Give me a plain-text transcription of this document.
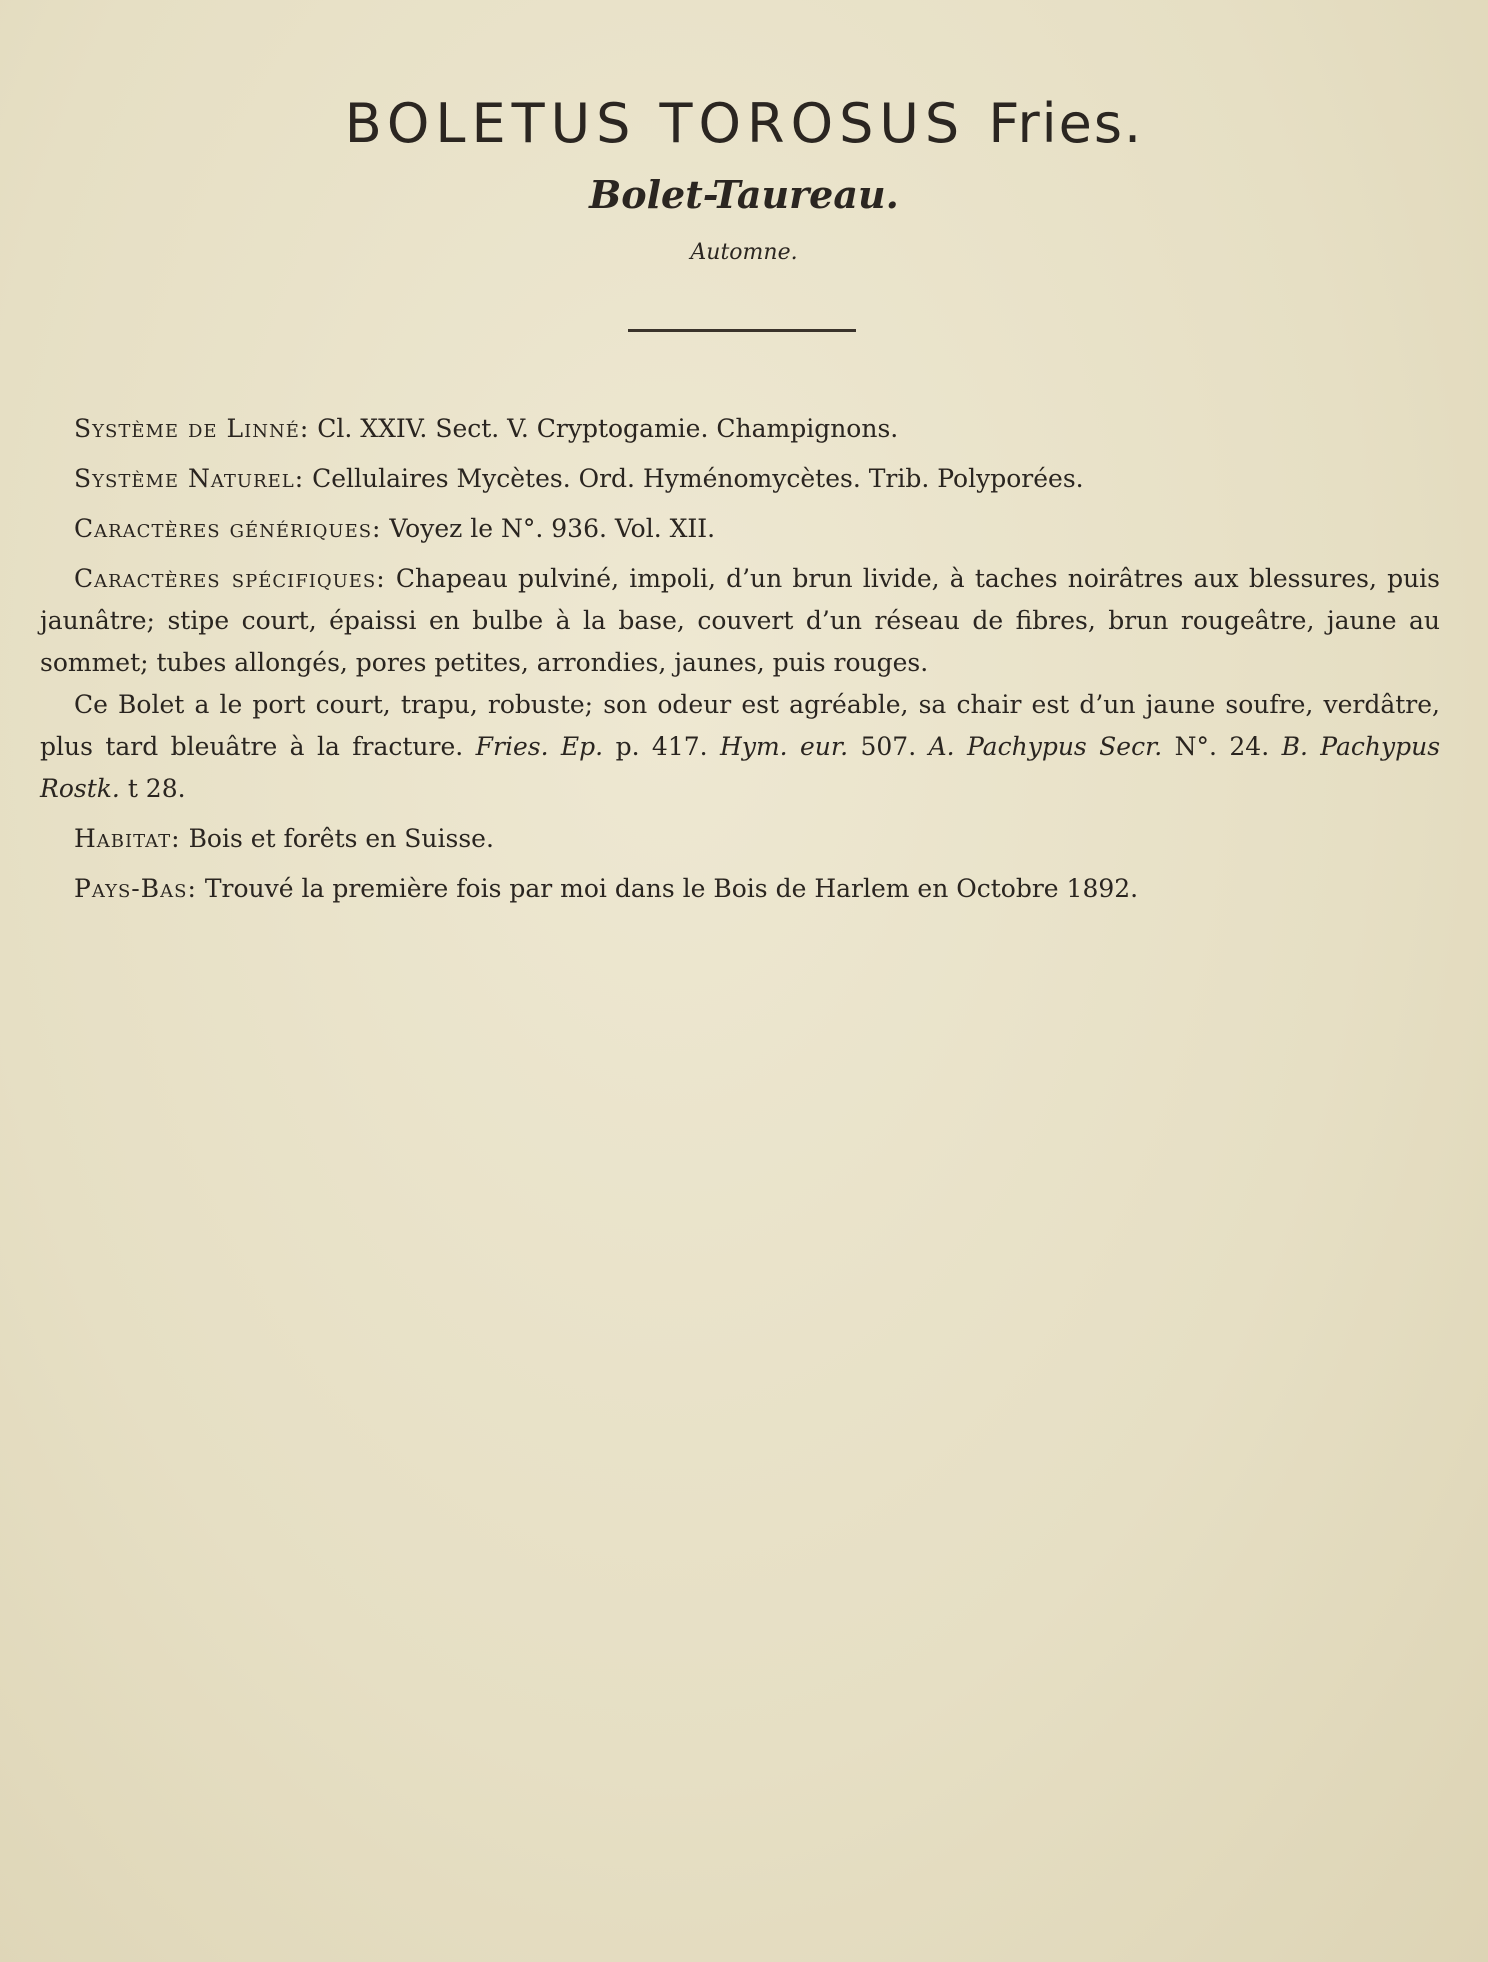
BOLETUS TOROSUS Fries.
Bolet-Taureau.
Automne.

Système de Linné: Cl. XXIV. Sect. V. Cryptogamie. Champignons.

Système Naturel: Cellulaires Mycètes. Ord. Hyménomycètes. Trib. Polyporées.

Caractères génériques: Voyez le N°. 936. Vol. XII.

Caractères spécifiques: Chapeau pulviné, impoli, d’un brun livide, à taches noirâtres aux blessures, puis jaunâtre; stipe court, épaissi en bulbe à la base, couvert d’un réseau de fibres, brun rougeâtre, jaune au sommet; tubes allongés, pores petites, arrondies, jaunes, puis rouges.

Ce Bolet a le port court, trapu, robuste; son odeur est agréable, sa chair est d’un jaune soufre, verdâtre, plus tard bleuâtre à la fracture. Fries. Ep. p. 417. Hym. eur. 507. A. Pachypus Secr. N°. 24. B. Pachypus Rostk. t 28.

Habitat: Bois et forêts en Suisse.

Pays-Bas: Trouvé la première fois par moi dans le Bois de Harlem en Octobre 1892.
